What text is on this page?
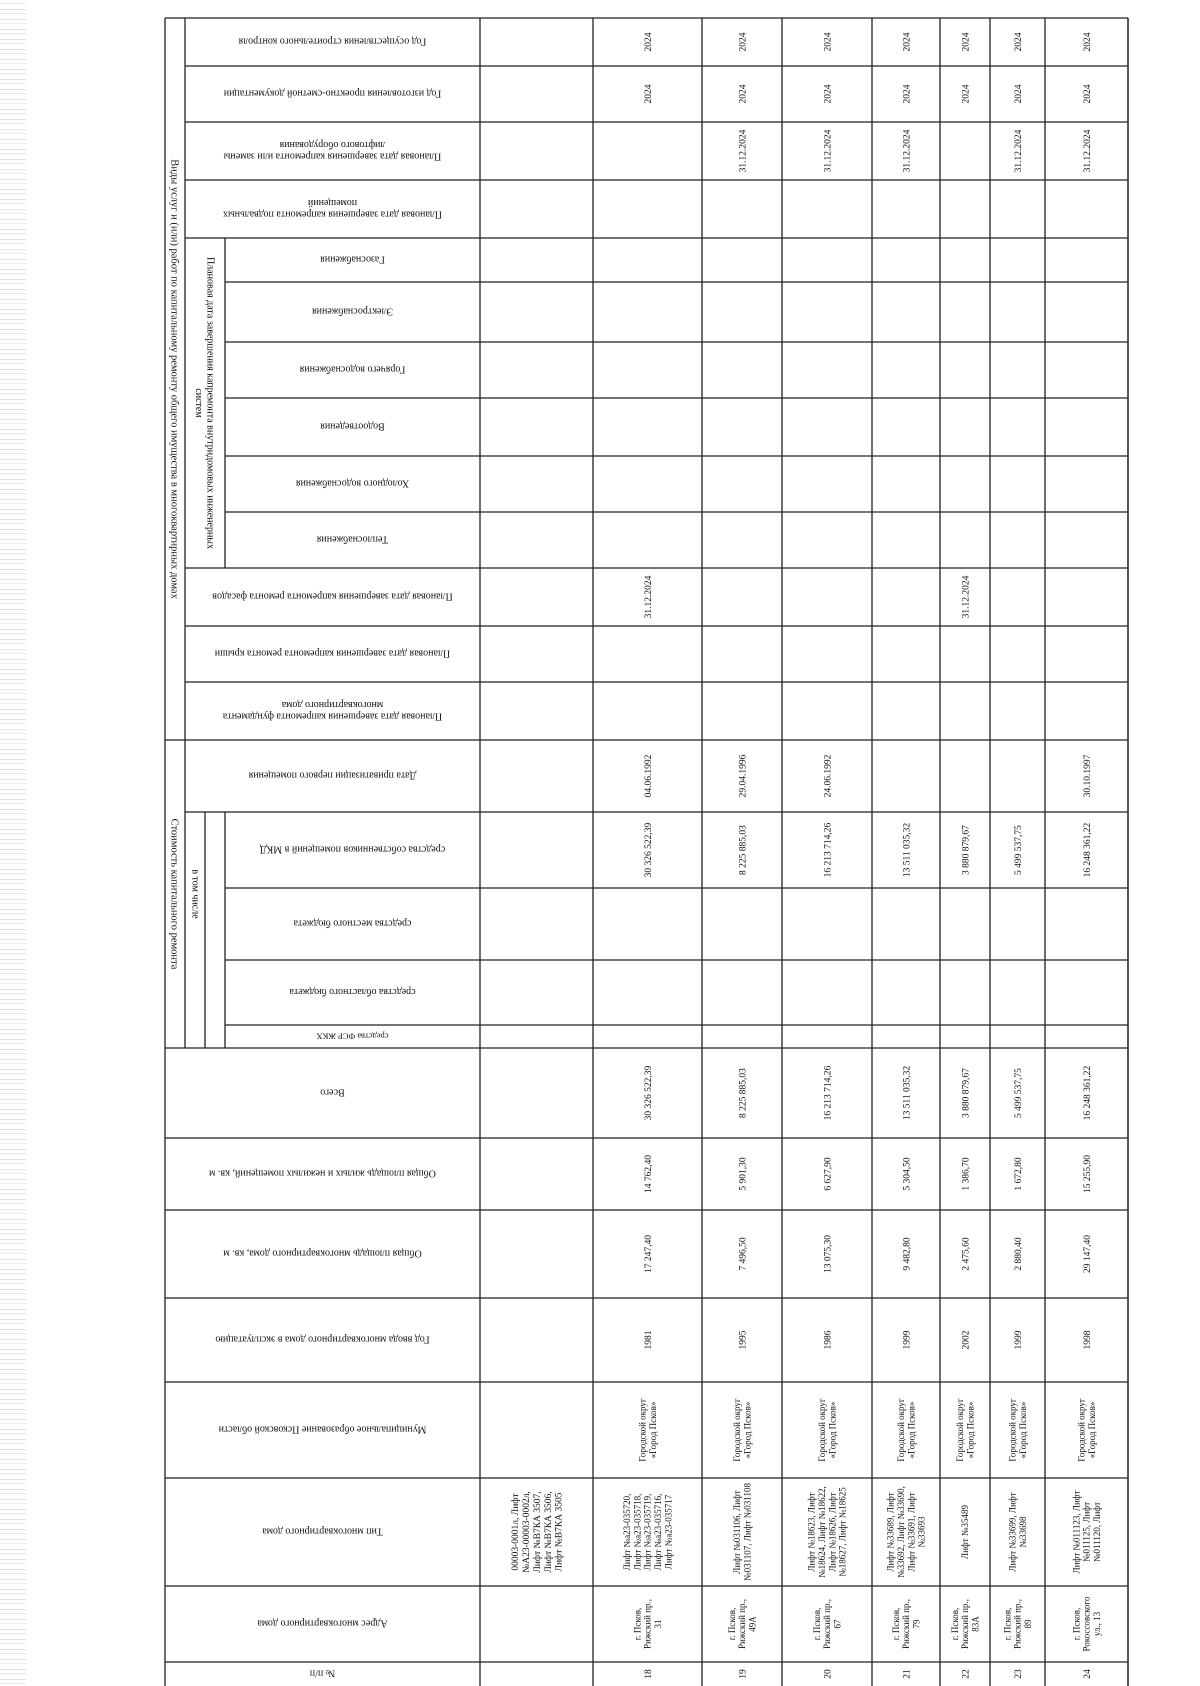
Виды услуг и (или) работ по капитальному ремонту общего имущества в многоквартирных домах
Стоимость капитального ремонта в том числе
Плановая дата завершения капремонта внутридомовых инженерныхсистем
Год осуществления строительного контроля
Год изготовления проектно-сметной документации
Плановая дата завершения капремонта или заменылифтового оборудования
Плановая дата завершения капремонта подвальныхпомещений
Газоснабжения
Электроснабжения
Горячего водоснабжения
Водоотведения
Холодного водоснабжения
Теплоснабжения
Плановая дата завершения капремонта ремонта фасадов
Плановая дата завершения капремонта ремонта крыши
Плановая дата завершения капремонта фундаментамногоквартирного дома
Дата приватизации первого помещения
средства собственников помещений в МКД
средства местного бюджета
средства областного бюджета
средства ФСР ЖКХ
Всего
Общая площадь жилых и нежилых помещений, кв. м
Общая площадь многоквартирного дома, кв. м
Год ввода многоквартирного дома в эксплуатацию
Муниципальное образование Псковской области
Тип многоквартирного дома
Адрес многоквартирного дома
№ п/п
00003-0001л, Лифт№А23-00003-0002л,Лифт №В7КА 3507,Лифт №В7КА 3506,Лифт №В7КА 3505
18
г. Псков,Рижский пр.,31
Лифт №а23-035720,Лифт №а23-035718,Лифт №а23-035719,Лифт №а23-035716,Лифт №а23-035717
Городской округ«Город Псков»
1981
17 247,40
14 762,40
30 326 522,39
30 326 522,39
04.06.1992
31.12.2024
2024
2024
19
г. Псков,Рижский пр.,49А
Лифт №031106, Лифт№031107, Лифт №031108
Городской округ«Город Псков»
1995
7 496,50
5 901,30
8 225 885,03
8 225 885,03
29.04.1996
31.12.2024
2024
2024
20
г. Псков,Рижский пр.,67
Лифт №18623, Лифт№18624, Лифт №18622,Лифт №18626, Лифт№18627, Лифт №18625
Городской округ«Город Псков»
1986
13 075,30
6 627,90
16 213 714,26
16 213 714,26
24.06.1992
31.12.2024
2024
2024
21
г. Псков,Рижский пр.,79
Лифт №33689, Лифт№33692, Лифт №33690,Лифт №33691, Лифт№33693
Городской округ«Город Псков»
1999
9 482,80
5 304,50
13 511 035,32
13 511 035,32
31.12.2024
2024
2024
22
г. Псков,Рижский пр.,83А
Лифт №35489
Городской округ«Город Псков»
2002
2 475,60
1 386,70
3 880 879,67
3 880 879,67
31.12.2024
2024
2024
23
г. Псков,Рижский пр.,89
Лифт №33699, Лифт№33698
Городской округ«Город Псков»
1999
2 880,40
1 672,80
5 499 537,75
5 499 537,75
31.12.2024
2024
2024
24
г. Псков,Рокоссовскогоул., 13
Лифт №011123, Лифт№011125, Лифт№011120, Лифт
Городской округ«Город Псков»
1998
29 147,40
15 255,90
16 248 361,22
16 248 361,22
30.10.1997
31.12.2024
2024
2024
